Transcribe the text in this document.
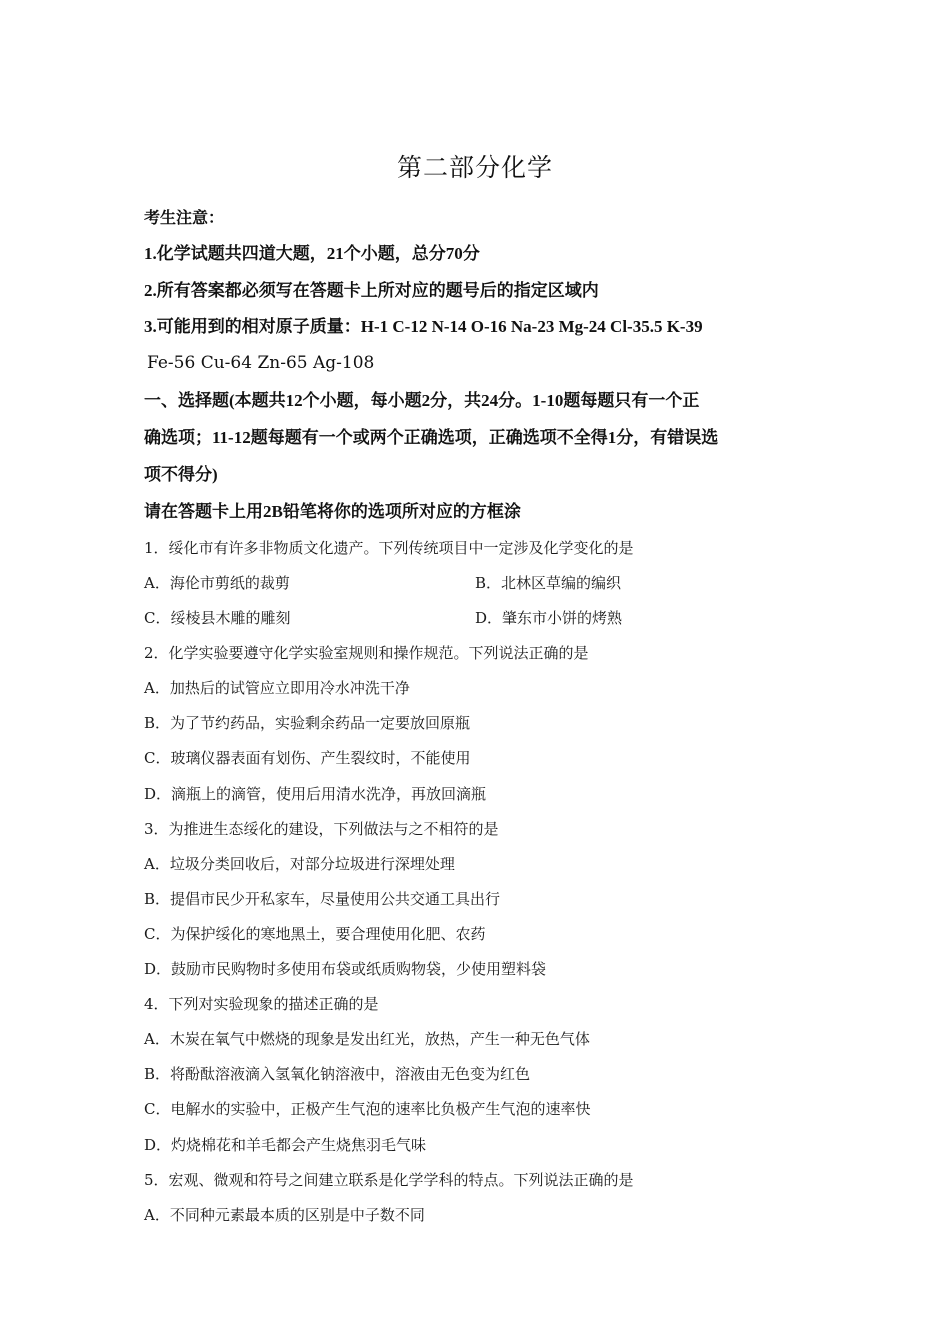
第二部分化学
考生注意：
1.化学试题共四道大题，21个小题，总分70分
2.所有答案都必须写在答题卡上所对应的题号后的指定区域内
3.可能用到的相对原子质量：H-1 C-12 N-14 O-16 Na-23 Mg-24 Cl-35.5 K-39
Fe-56 Cu-64 Zn-65 Ag-108
一、选择题(本题共12个小题，每小题2分，共24分。1-10题每题只有一个正
确选项；11-12题每题有一个或两个正确选项，正确选项不全得1分，有错误选
项不得分)
请在答题卡上用2B铅笔将你的选项所对应的方框涂
1．绥化市有许多非物质文化遗产。下列传统项目中一定涉及化学变化的是
A．海伦市剪纸的裁剪	B．北林区草编的编织
C．绥棱县木雕的雕刻	D．肇东市小饼的烤熟
2．化学实验要遵守化学实验室规则和操作规范。下列说法正确的是
A．加热后的试管应立即用冷水冲洗干净
B．为了节约药品，实验剩余药品一定要放回原瓶
C．玻璃仪器表面有划伤、产生裂纹时，不能使用
D．滴瓶上的滴管，使用后用清水洗净，再放回滴瓶
3．为推进生态绥化的建设，下列做法与之不相符的是
A．垃圾分类回收后，对部分垃圾进行深埋处理
B．提倡市民少开私家车，尽量使用公共交通工具出行
C．为保护绥化的寒地黑土，要合理使用化肥、农药
D．鼓励市民购物时多使用布袋或纸质购物袋，少使用塑料袋
4．下列对实验现象的描述正确的是
A．木炭在氧气中燃烧的现象是发出红光，放热，产生一种无色气体
B．将酚酞溶液滴入氢氧化钠溶液中，溶液由无色变为红色
C．电解水的实验中，正极产生气泡的速率比负极产生气泡的速率快
D．灼烧棉花和羊毛都会产生烧焦羽毛气味
5．宏观、微观和符号之间建立联系是化学学科的特点。下列说法正确的是
A．不同种元素最本质的区别是中子数不同
